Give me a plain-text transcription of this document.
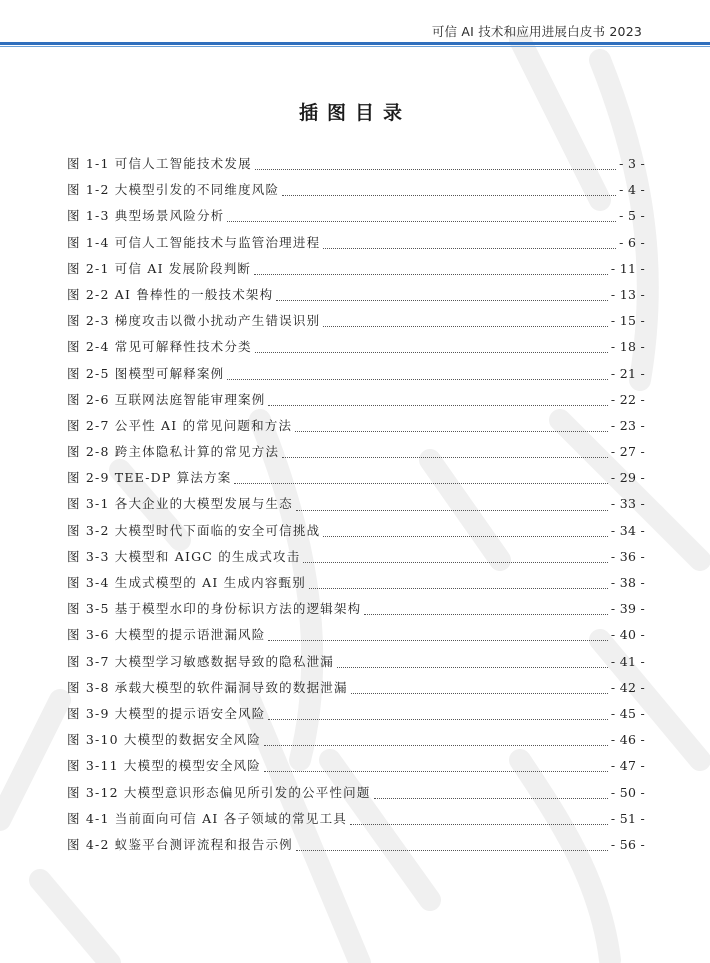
可信 AI 技术和应用进展白皮书 2023
插图目录
图 1-1 可信人工智能技术发展	- 3 -
图 1-2 大模型引发的不同维度风险	- 4 -
图 1-3 典型场景风险分析	- 5 -
图 1-4 可信人工智能技术与监管治理进程	- 6 -
图 2-1 可信 AI 发展阶段判断	- 11 -
图 2-2 AI 鲁棒性的一般技术架构	- 13 -
图 2-3 梯度攻击以微小扰动产生错误识别	- 15 -
图 2-4 常见可解释性技术分类	- 18 -
图 2-5 图模型可解释案例	- 21 -
图 2-6 互联网法庭智能审理案例	- 22 -
图 2-7 公平性 AI 的常见问题和方法	- 23 -
图 2-8 跨主体隐私计算的常见方法	- 27 -
图 2-9 TEE-DP 算法方案	- 29 -
图 3-1 各大企业的大模型发展与生态	- 33 -
图 3-2 大模型时代下面临的安全可信挑战	- 34 -
图 3-3 大模型和 AIGC 的生成式攻击	- 36 -
图 3-4 生成式模型的 AI 生成内容甄别	- 38 -
图 3-5 基于模型水印的身份标识方法的逻辑架构	- 39 -
图 3-6 大模型的提示语泄漏风险	- 40 -
图 3-7 大模型学习敏感数据导致的隐私泄漏	- 41 -
图 3-8 承载大模型的软件漏洞导致的数据泄漏	- 42 -
图 3-9 大模型的提示语安全风险	- 45 -
图 3-10 大模型的数据安全风险	- 46 -
图 3-11 大模型的模型安全风险	- 47 -
图 3-12 大模型意识形态偏见所引发的公平性问题	- 50 -
图 4-1 当前面向可信 AI 各子领域的常见工具	- 51 -
图 4-2 蚁鉴平台测评流程和报告示例	- 56 -
